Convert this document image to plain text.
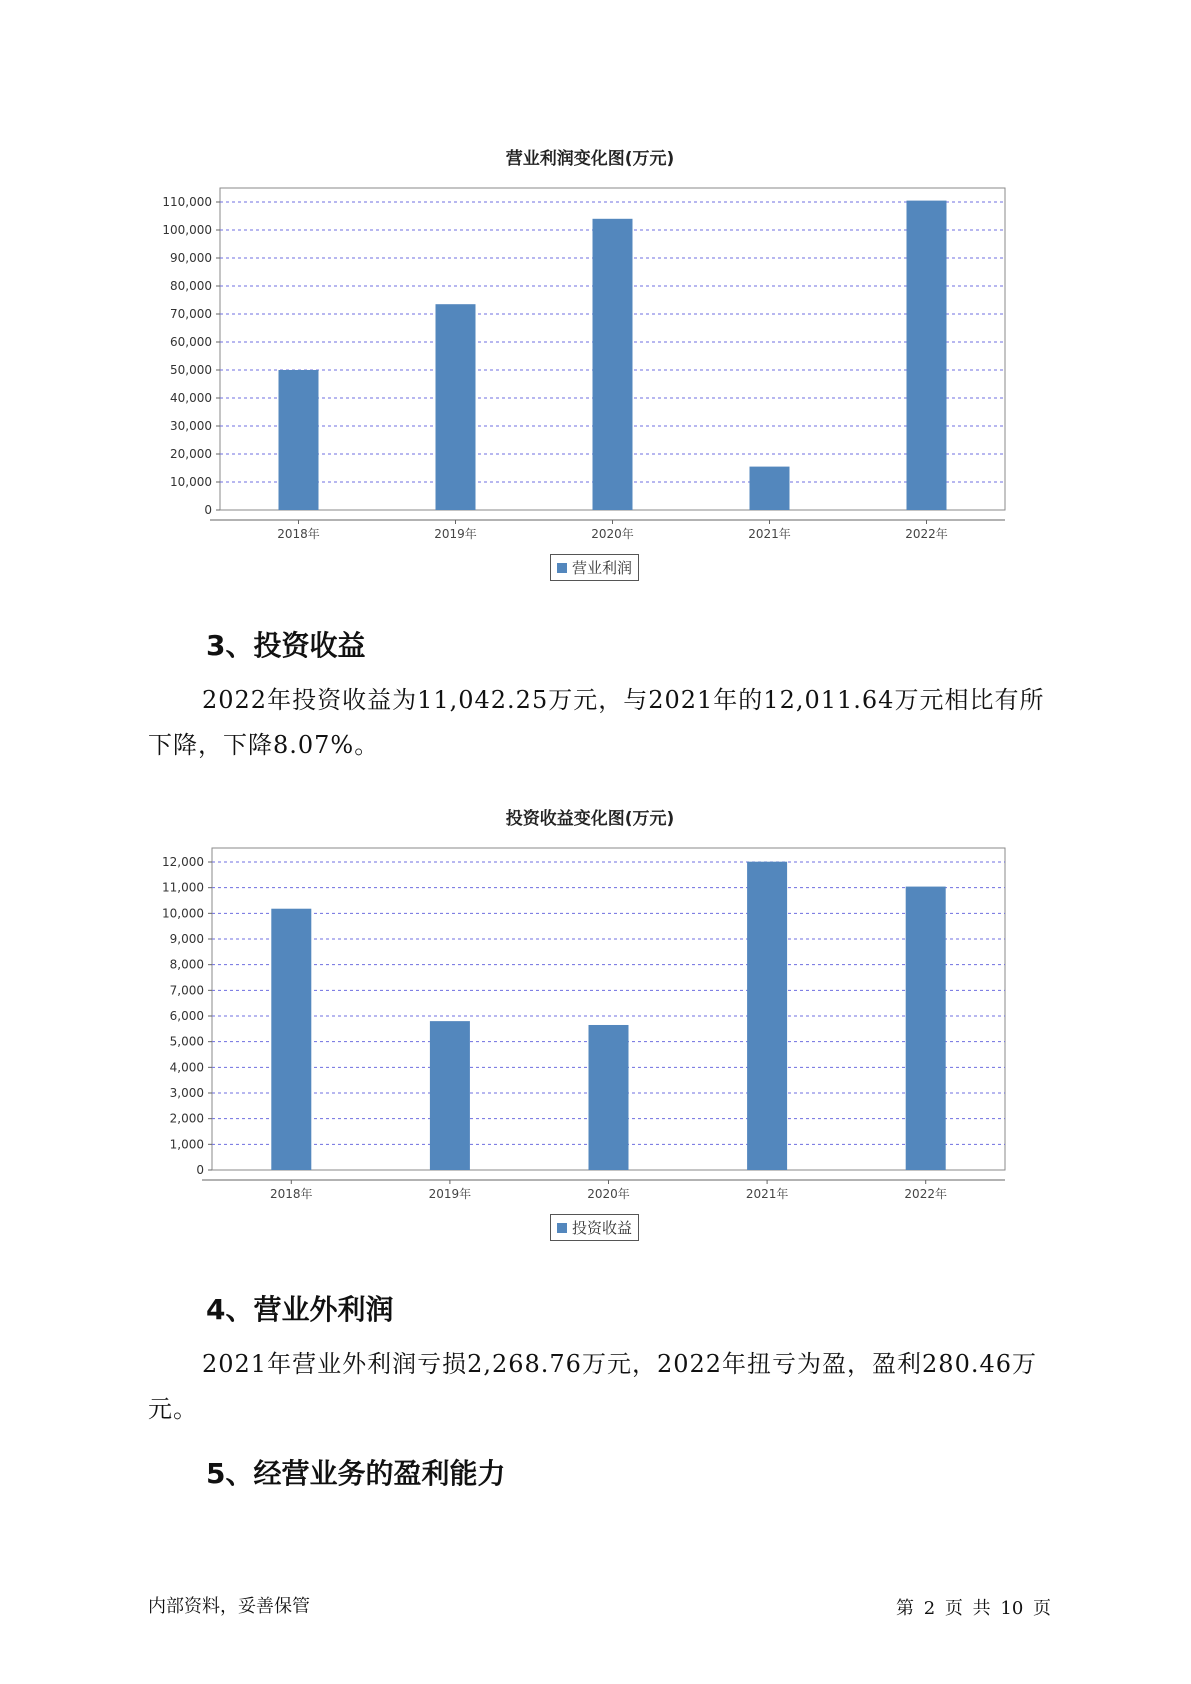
营业利润变化图(万元)
0
10,000
20,000
30,000
40,000
50,000
60,000
70,000
80,000
90,000
100,000
110,000
2018年	2019年	2020年	2021年	2022年
营业利润
3、投资收益

2022年投资收益为11,042.25万元，与2021年的12,011.64万元相比有所下降，下降8.07%。

投资收益变化图(万元)
0
1,000
2,000
3,000
4,000
5,000
6,000
7,000
8,000
9,000
10,000
11,000
12,000
2018年	2019年	2020年	2021年	2022年
投资收益
4、营业外利润

2021年营业外利润亏损2,268.76万元，2022年扭亏为盈，盈利280.46万元。

5、经营业务的盈利能力
内部资料，妥善保管	第 2 页 共 10 页
